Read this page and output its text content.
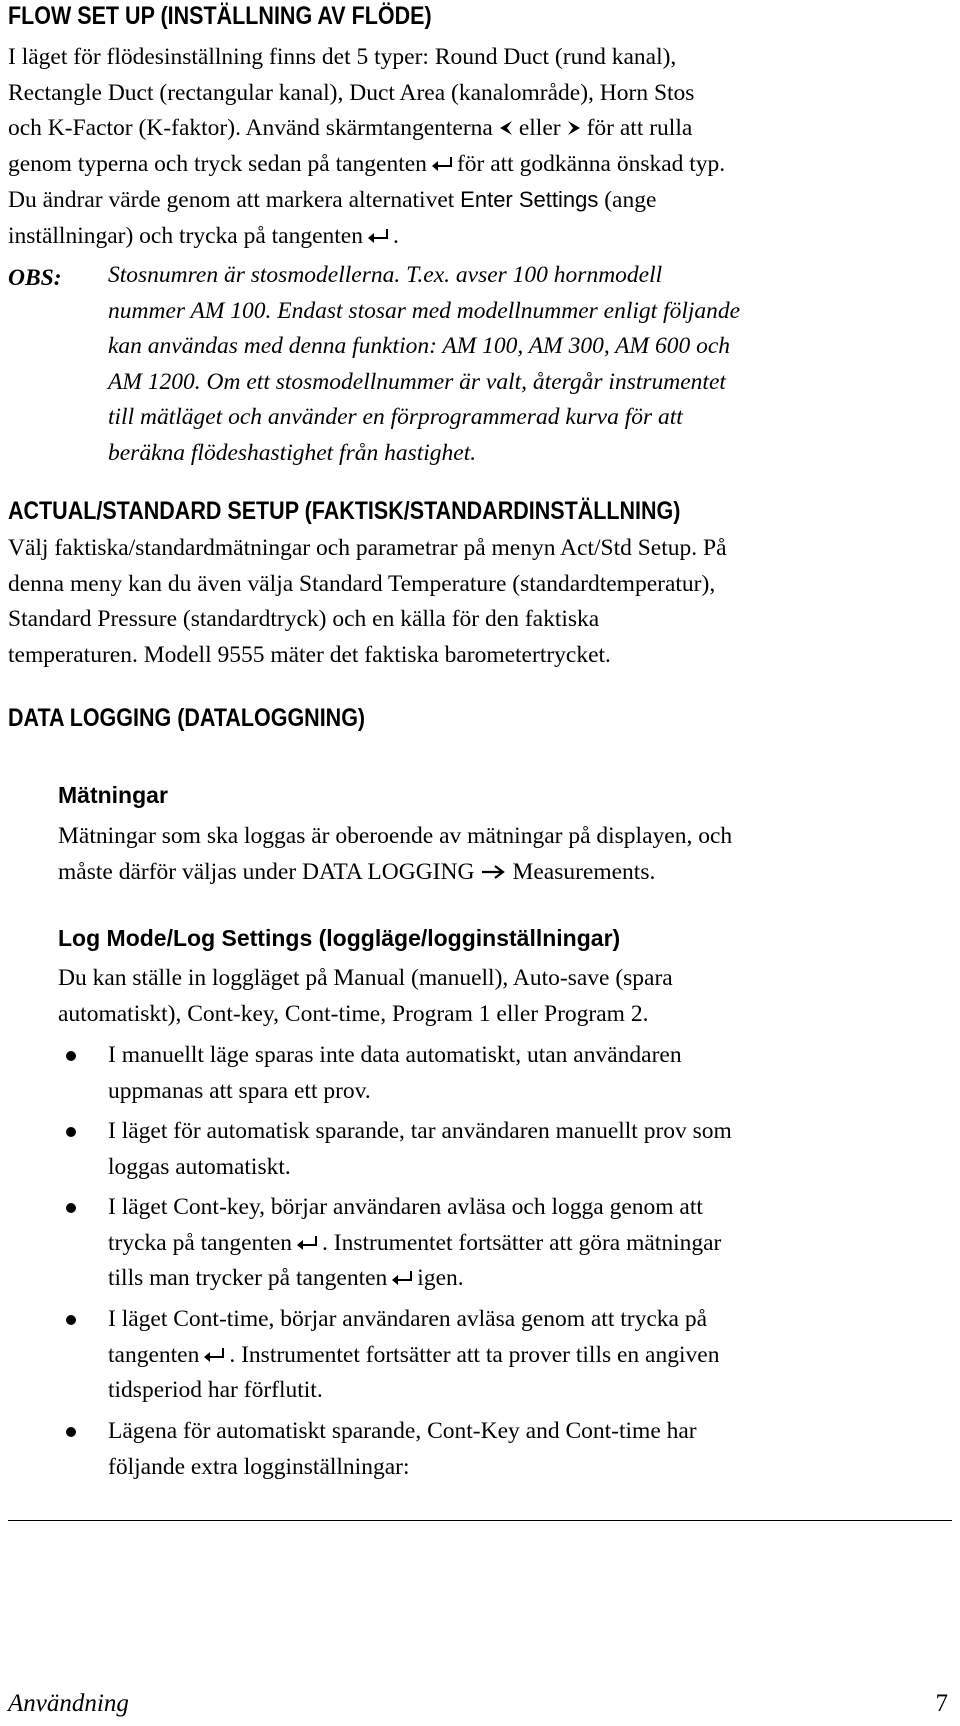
FLOW SET UP (INSTÄLLNING AV FLÖDE)
I läget för flödesinställning finns det 5 typer: Round Duct (rund kanal),
Rectangle Duct (rectangular kanal), Duct Area (kanalområde), Horn Stos
och K-Factor (K-faktor). Använd skärmtangenterna eller för att rulla
genom typerna och tryck sedan på tangenten för att godkänna önskad typ.
Du ändrar värde genom att markera alternativet Enter Settings (ange
inställningar) och trycka på tangenten .
OBS: Stosnumren är stosmodellerna. T.ex. avser 100 hornmodell
nummer AM 100. Endast stosar med modellnummer enligt följande
kan användas med denna funktion: AM 100, AM 300, AM 600 och
AM 1200. Om ett stosmodellnummer är valt, återgår instrumentet
till mätläget och använder en förprogrammerad kurva för att
beräkna flödeshastighet från hastighet.
ACTUAL/STANDARD SETUP (FAKTISK/STANDARDINSTÄLLNING)
Välj faktiska/standardmätningar och parametrar på menyn Act/Std Setup. På
denna meny kan du även välja Standard Temperature (standardtemperatur),
Standard Pressure (standardtryck) och en källa för den faktiska
temperaturen. Modell 9555 mäter det faktiska barometertrycket.
DATA LOGGING (DATALOGGNING)
Mätningar
Mätningar som ska loggas är oberoende av mätningar på displayen, och
måste därför väljas under DATA LOGGING Measurements.
Log Mode/Log Settings (loggläge/logginställningar)
Du kan ställe in loggläget på Manual (manuell), Auto-save (spara
automatiskt), Cont-key, Cont-time, Program 1 eller Program 2.
I manuellt läge sparas inte data automatiskt, utan användaren
uppmanas att spara ett prov.
I läget för automatisk sparande, tar användaren manuellt prov som
loggas automatiskt.
I läget Cont-key, börjar användaren avläsa och logga genom att
trycka på tangenten . Instrumentet fortsätter att göra mätningar
tills man trycker på tangenten igen.
I läget Cont-time, börjar användaren avläsa genom att trycka på
tangenten . Instrumentet fortsätter att ta prover tills en angiven
tidsperiod har förflutit.
Lägena för automatiskt sparande, Cont-Key and Cont-time har
följande extra logginställningar:
Användning	7
